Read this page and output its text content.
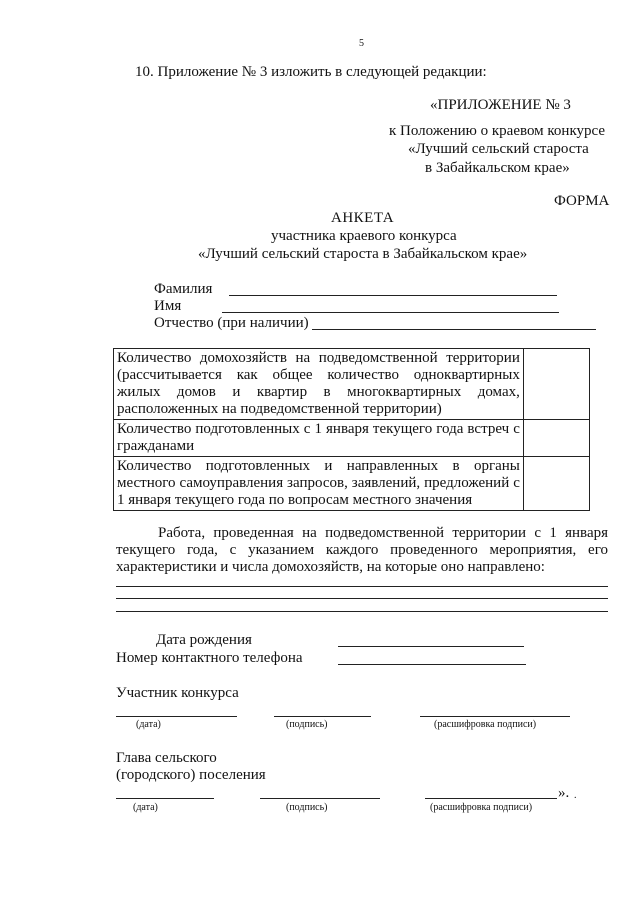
5
10. Приложение № 3 изложить в следующей редакции:
«ПРИЛОЖЕНИЕ № 3
к Положению о краевом конкурсе
«Лучший сельский староста
в Забайкальском крае»
ФОРМА
АНКЕТА
участника краевого конкурса
«Лучший сельский староста в Забайкальском крае»
Фамилия
Имя
Отчество (при наличии)
Количество домохозяйств на подведомственной территории (рассчитывается как общее количество одноквартирных жилых домов и квартир в многоквартирных домах, расположенных на подведомственной территории)	
Количество подготовленных с 1 января текущего года встреч с гражданами	
Количество подготовленных и направленных в органы местного самоуправления запросов, заявлений, предложений с 1 января текущего года по вопросам местного значения	
Работа, проведенная на подведомственной территории с 1 января текущего года, с указанием каждого проведенного мероприятия, его характеристики и числа домохозяйств, на которые оно направлено:
Дата рождения
Номер контактного телефона
Участник конкурса
(дата)	(подпись)	(расшифровка подписи)
Глава сельского
(городского) поселения
».
(дата)	(подпись)	(расшифровка подписи)
.
